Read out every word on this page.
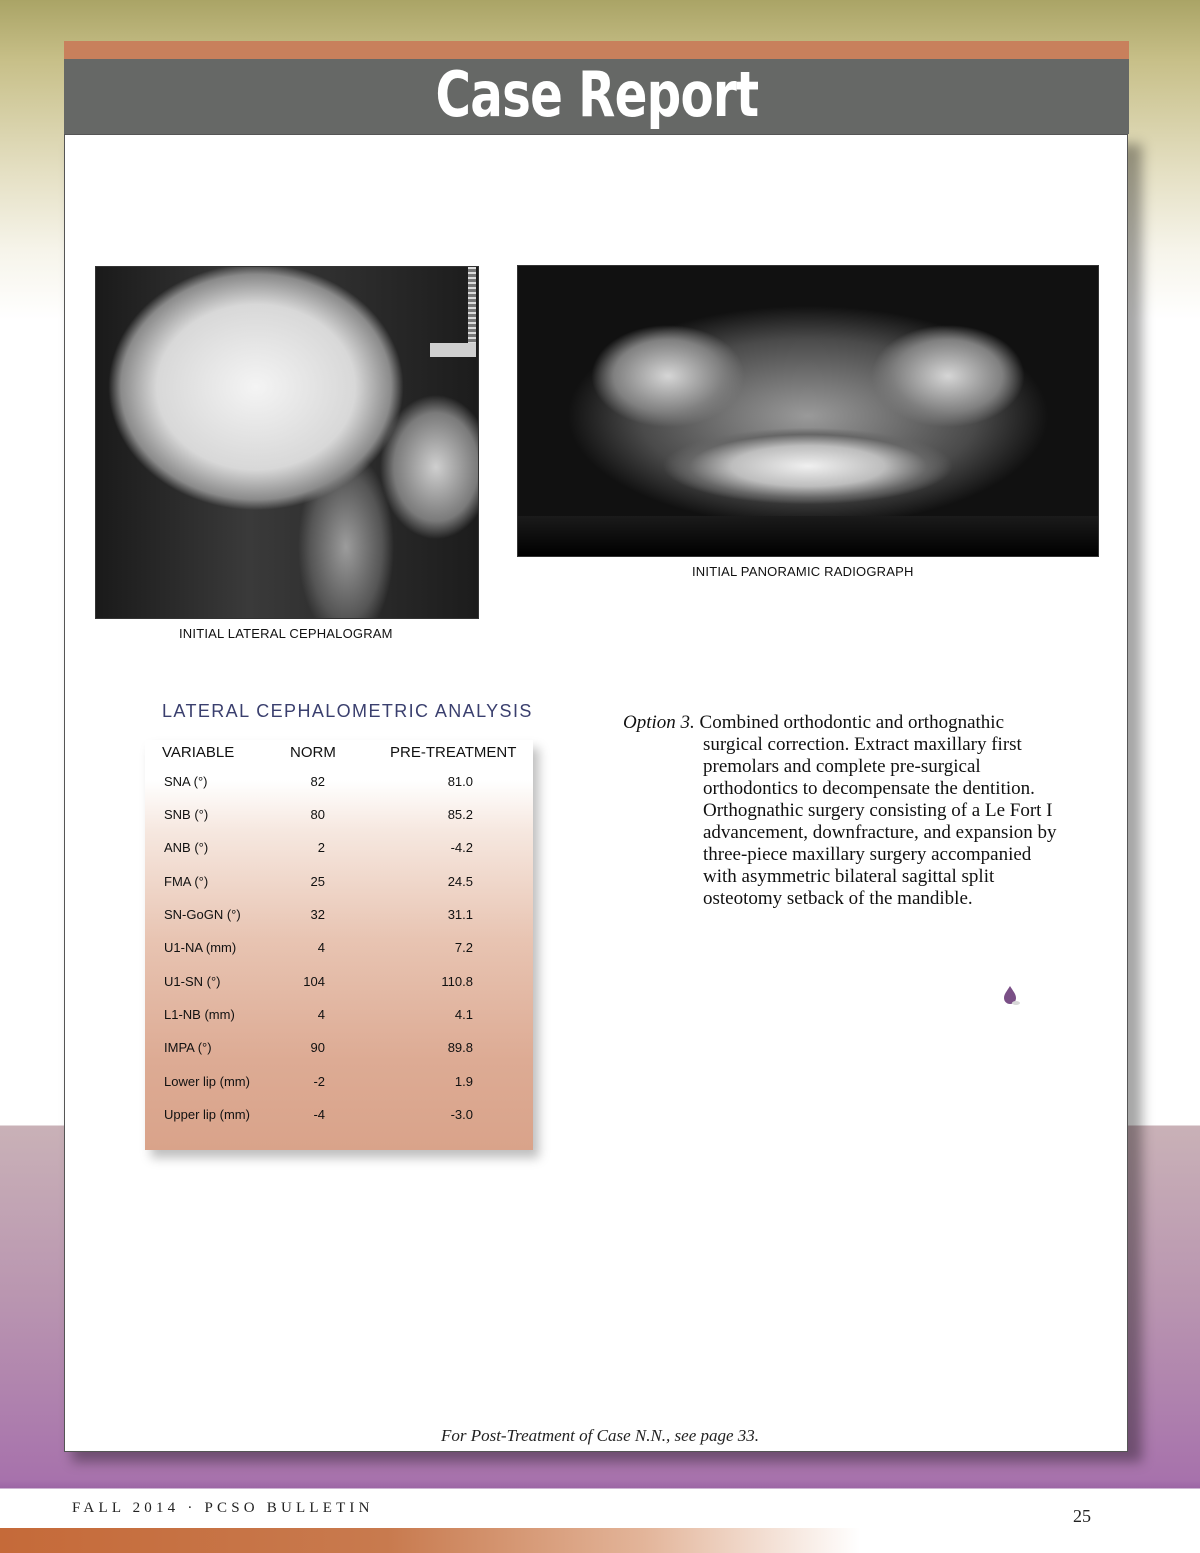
Case Report
INITIAL LATERAL CEPHALOGRAM
INITIAL PANORAMIC RADIOGRAPH
LATERAL CEPHALOMETRIC ANALYSIS
VARIABLE	NORM	PRE-TREATMENT
SNA (°)	82	81.0
SNB (°)	80	85.2
ANB (°)	2	-4.2
FMA (°)	25	24.5
SN-GoGN (°)	32	31.1
U1-NA (mm)	4	7.2
U1-SN (°)	104	110.8
L1-NB (mm)	4	4.1
IMPA (°)	90	89.8
Lower lip (mm)	-2	1.9
Upper lip (mm)	-4	-3.0
Option 3. Combined orthodontic and orthognathic
surgical correction. Extract maxillary first premolars and complete pre-surgical orthodontics to decompensate the dentition. Orthognathic surgery consisting of a Le Fort I advancement, downfracture, and expansion by three-piece maxillary surgery accompanied with asymmetric bilateral sagittal split osteotomy setback of the mandible.
For Post-Treatment of Case N.N., see page 33.
FALL 2014 · PCSO BULLETIN	25
